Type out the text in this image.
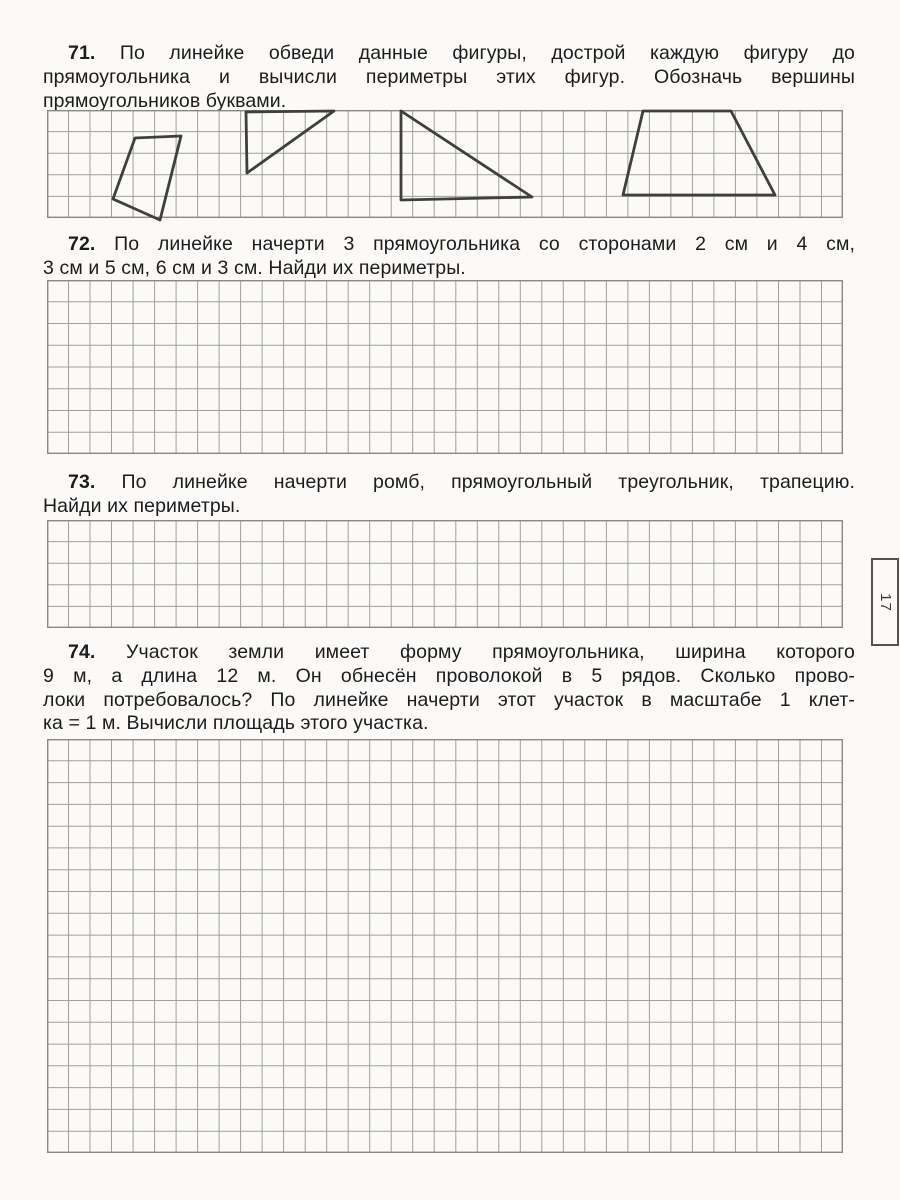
71. По линейке обведи данные фигуры, дострой каждую фигуру до
прямоугольника и вычисли периметры этих фигур. Обозначь вершины
прямоугольников буквами.
72. По линейке начерти 3 прямоугольника со сторонами 2 см и 4 см,
3 см и 5 см, 6 см и 3 см. Найди их периметры.
73. По линейке начерти ромб, прямоугольный треугольник, трапецию.
Найди их периметры.
17
74. Участок земли имеет форму прямоугольника, ширина которого
9 м, а длина 12 м. Он обнесён проволокой в 5 рядов. Сколько прово-
локи потребовалось? По линейке начерти этот участок в масштабе 1 клет-
ка = 1 м. Вычисли площадь этого участка.
